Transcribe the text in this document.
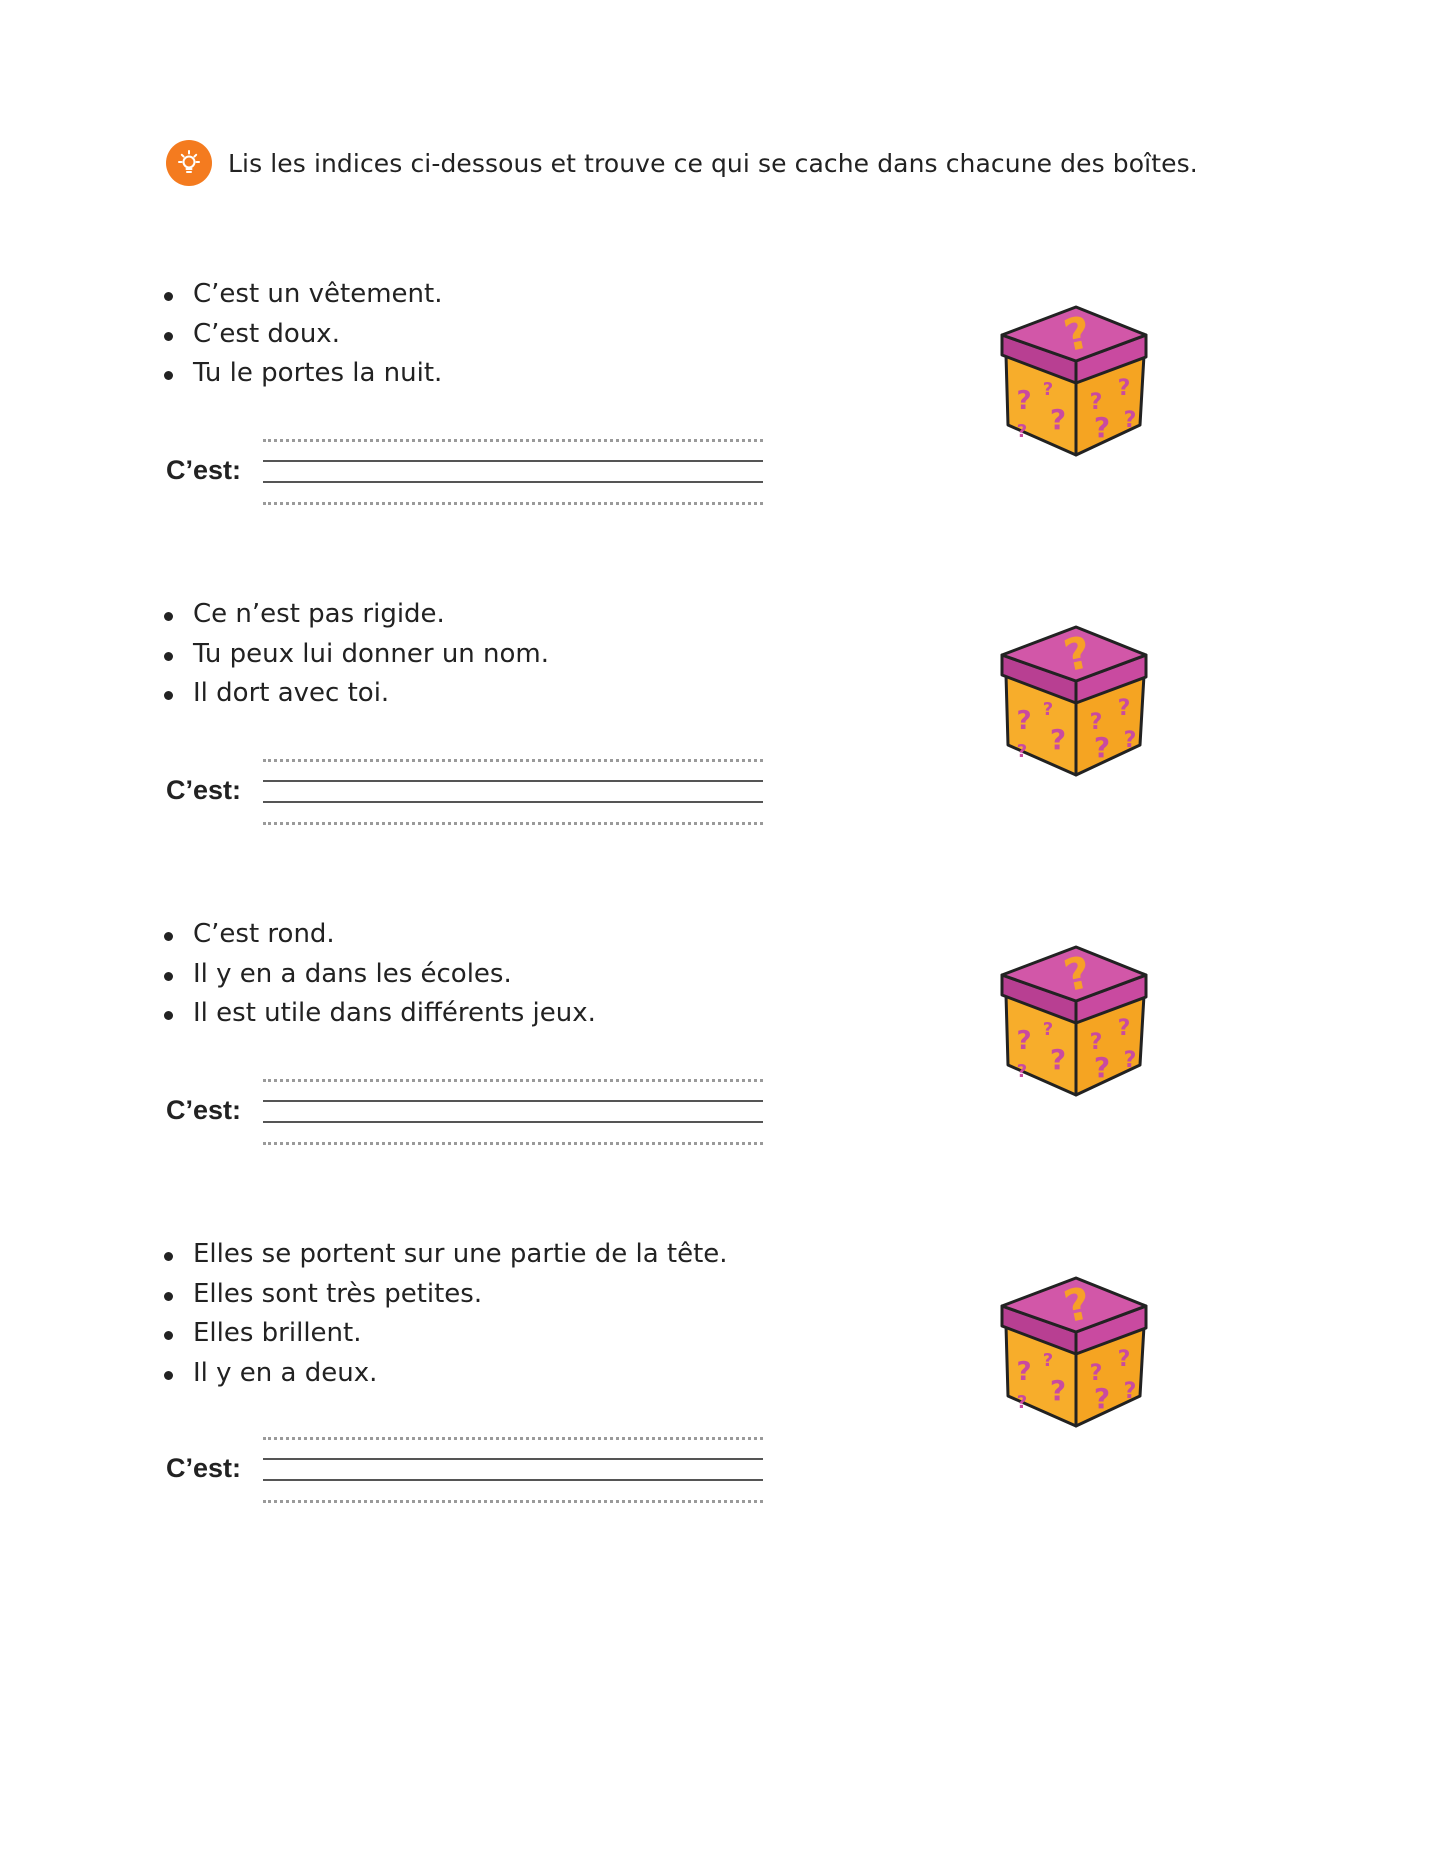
Lis les indices ci-dessous et trouve ce qui se cache dans chacune des boîtes.
C’est un vêtement.
C’est doux.
Tu le portes la nuit.
C’est:
Ce n’est pas rigide.
Tu peux lui donner un nom.
Il dort avec toi.
C’est:
C’est rond.
Il y en a dans les écoles.
Il est utile dans différents jeux.
C’est:
Elles se portent sur une partie de la tête.
Elles sont très petites.
Elles brillent.
Il y en a deux.
C’est:
